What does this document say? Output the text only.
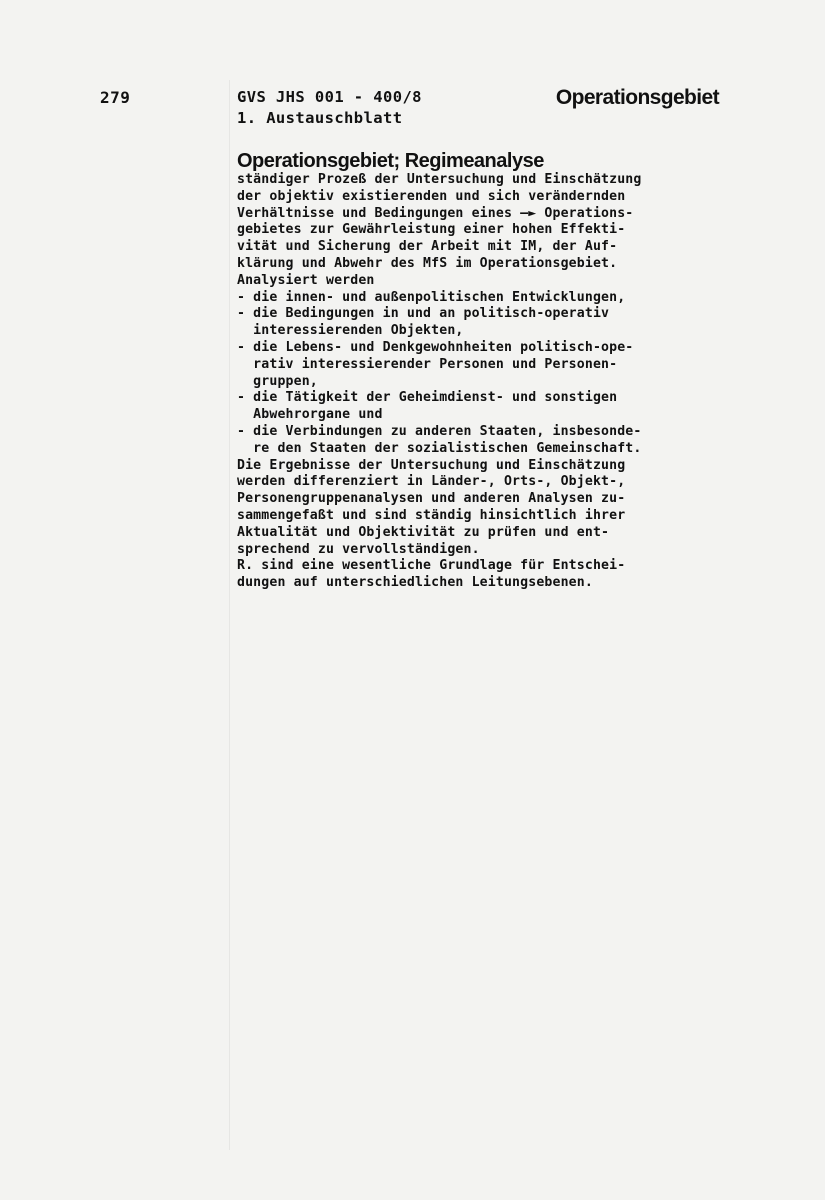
279	GVS JHS 001 - 400/8
1. Austauschblatt
Operationsgebiet
Operationsgebiet; Regimeanalyse
ständiger Prozeß der Untersuchung und Einschätzung
der objektiv existierenden und sich verändernden
Verhältnisse und Bedingungen eines —► Operations-
gebietes zur Gewährleistung einer hohen Effekti-
vität und Sicherung der Arbeit mit IM, der Auf-
klärung und Abwehr des MfS im Operationsgebiet.
Analysiert werden
- die innen- und außenpolitischen Entwicklungen,
- die Bedingungen in und an politisch-operativ
interessierenden Objekten,
- die Lebens- und Denkgewohnheiten politisch-ope-
rativ interessierender Personen und Personen-
gruppen,
- die Tätigkeit der Geheimdienst- und sonstigen
Abwehrorgane und
- die Verbindungen zu anderen Staaten, insbesonde-
re den Staaten der sozialistischen Gemeinschaft.
Die Ergebnisse der Untersuchung und Einschätzung
werden differenziert in Länder-, Orts-, Objekt-,
Personengruppenanalysen und anderen Analysen zu-
sammengefaßt und sind ständig hinsichtlich ihrer
Aktualität und Objektivität zu prüfen und ent-
sprechend zu vervollständigen.
R. sind eine wesentliche Grundlage für Entschei-
dungen auf unterschiedlichen Leitungsebenen.
